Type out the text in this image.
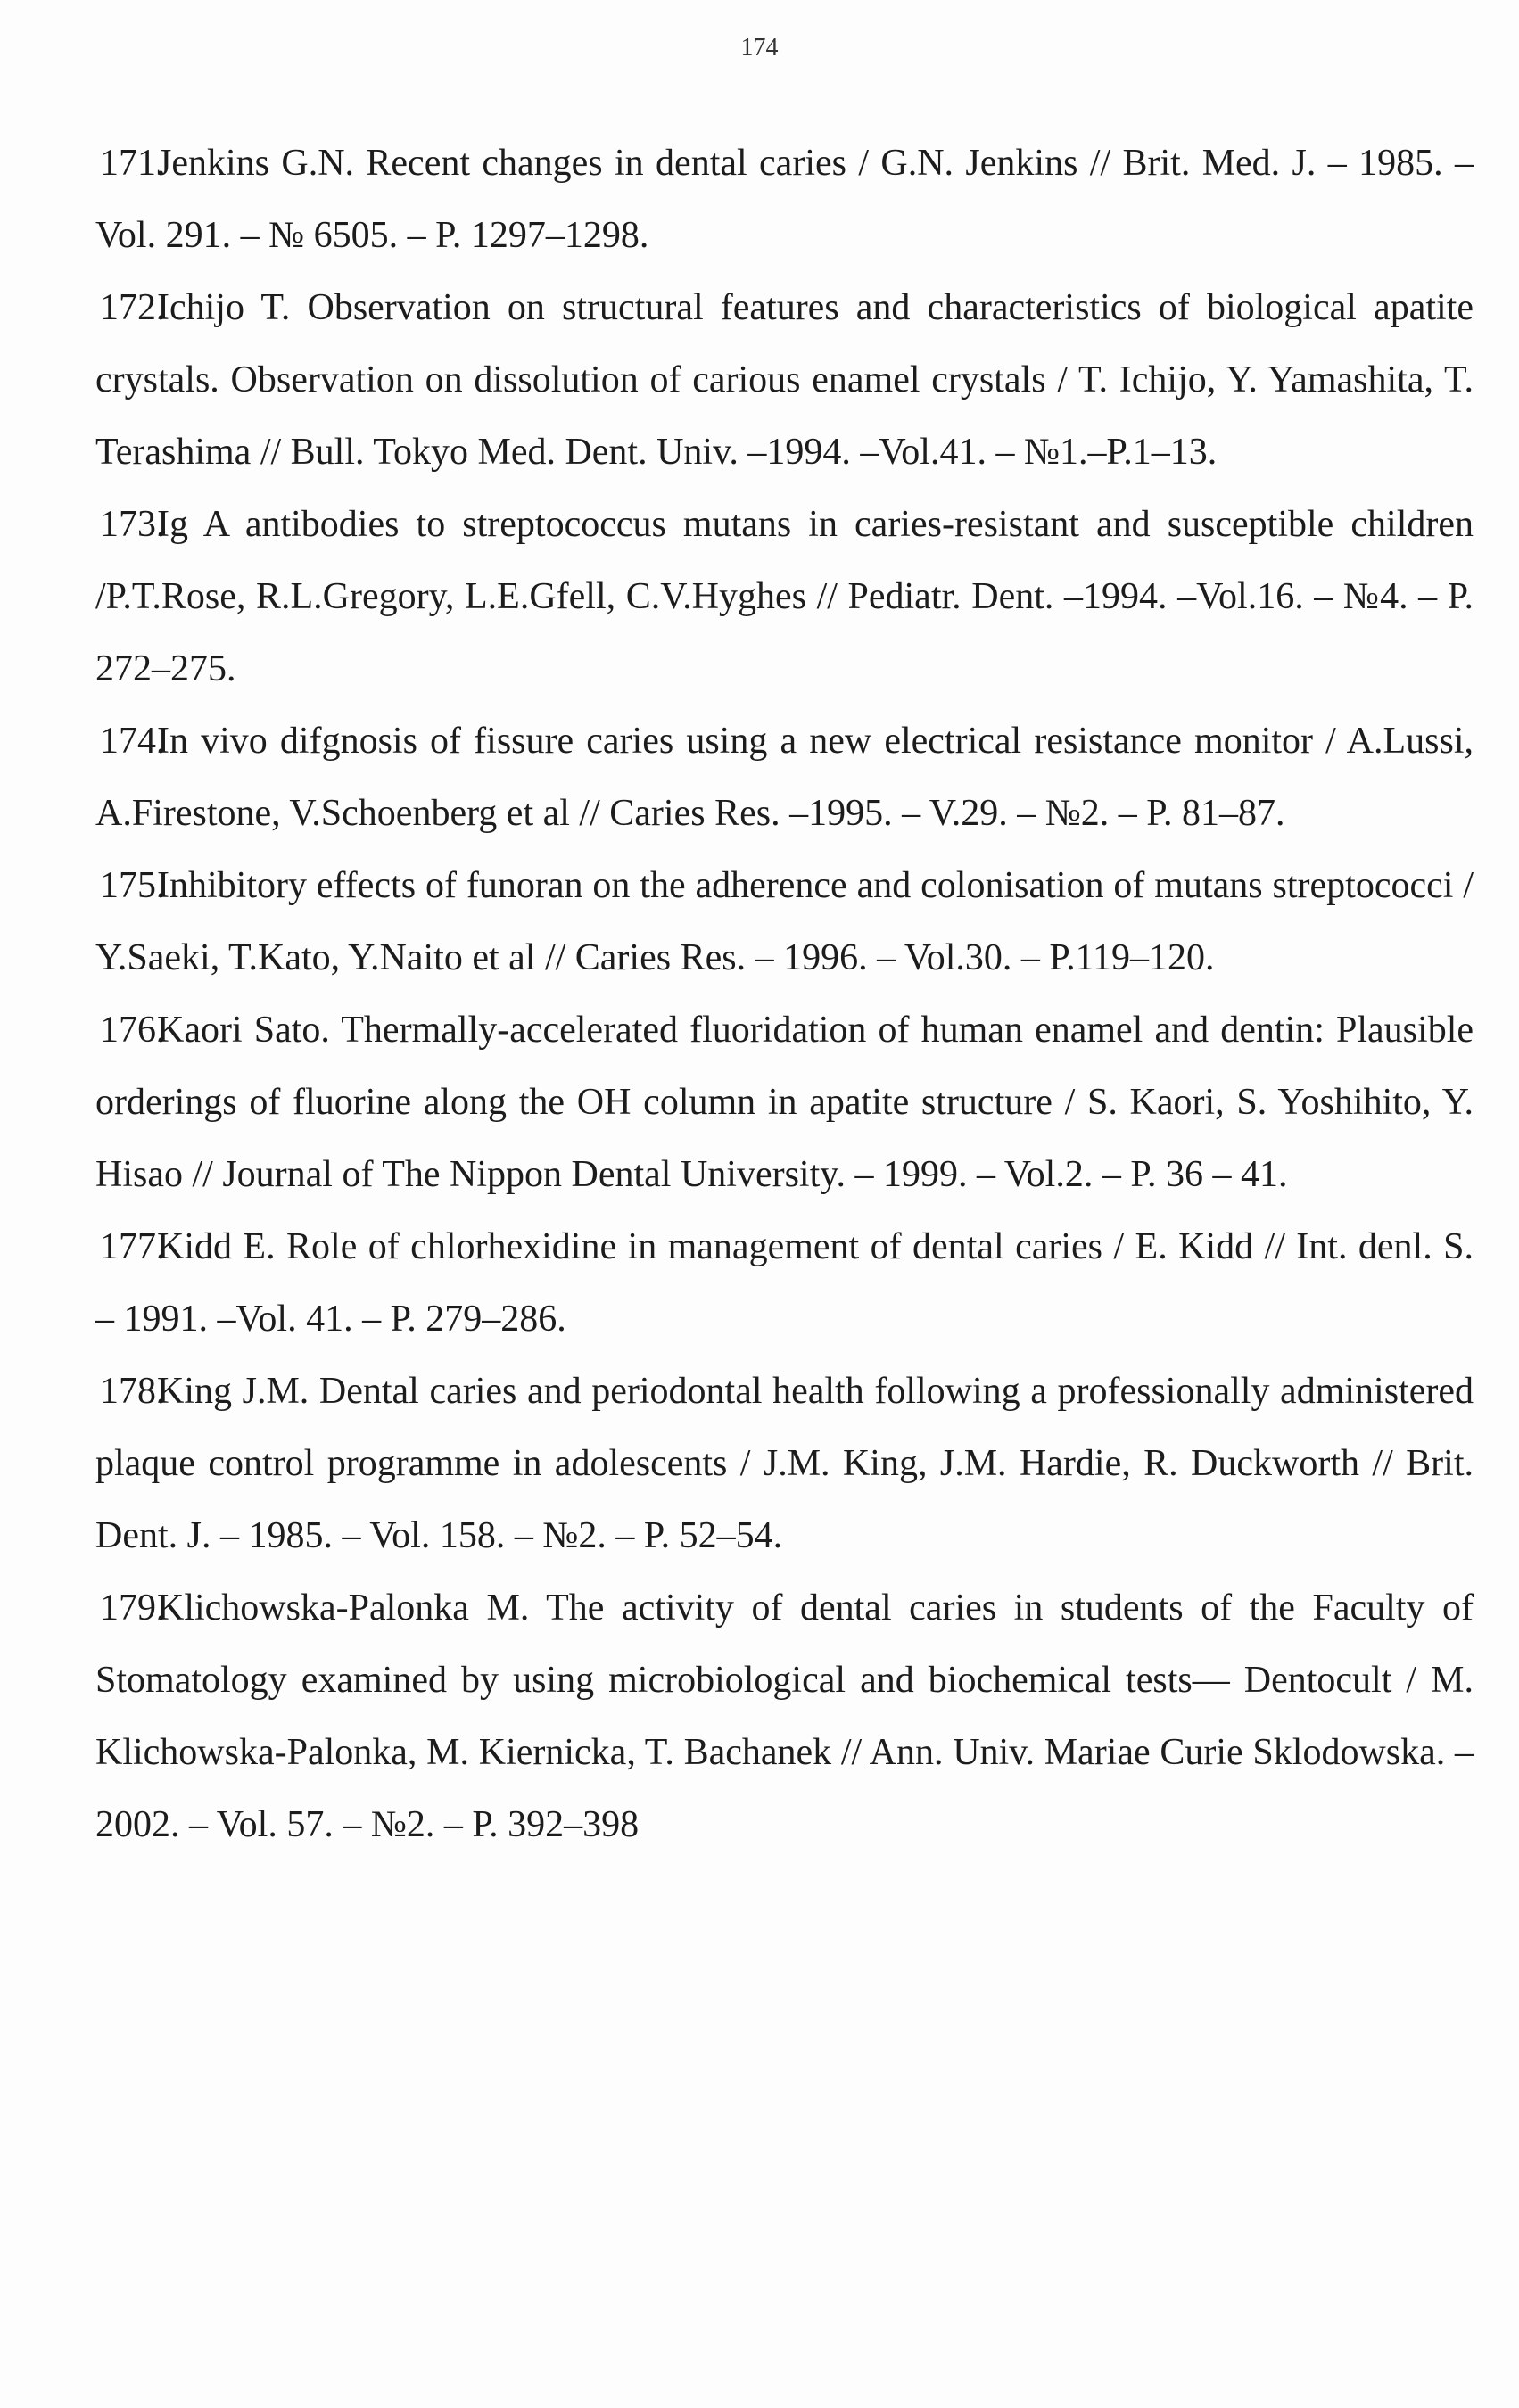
174
171.Jenkins G.N. Recent changes in dental caries / G.N. Jenkins // Brit. Med. J. – 1985. – Vol. 291. – № 6505. – P. 1297–1298.
172.Ichijo T. Observation on structural features and characteristics of biological apatite crystals. Observation on dissolution of carious enamel crystals / T. Ichijo, Y. Yamashita, T. Terashima // Bull. Tokyo Med. Dent. Univ. –1994. –Vol.41. – №1.–P.1–13.
173.Ig A antibodies to streptococcus mutans in caries-resistant and susceptible children /P.T.Rose, R.L.Gregory, L.E.Gfell, C.V.Hyghes // Pediatr. Dent. –1994. –Vol.16. – №4. – P. 272–275.
174.In vivo difgnosis of fissure caries using a new electrical resistance monitor / A.Lussi, A.Firestone, V.Schoenberg et al // Caries Res. –1995. – V.29. – №2. – P. 81–87.
175.Inhibitory effects of funoran on the adherence and colonisation of mutans streptococci / Y.Saeki, T.Kato, Y.Naito et al // Caries Res. – 1996. – Vol.30. – P.119–120.
176.Kaori Sato. Thermally-accelerated fluoridation of human enamel and dentin: Plausible orderings of fluorine along the OH column in apatite structure / S. Kaori, S. Yoshihito, Y. Hisao // Journal of The Nippon Dental University. – 1999. – Vol.2. – P. 36 – 41.
177.Kidd E. Role of chlorhexidine in management of dental caries / E. Kidd // Int. denl. S. – 1991. –Vol. 41. – P. 279–286.
178.King J.M. Dental caries and periodontal health following a professionally administered plaque control programme in adolescents / J.M. King, J.M. Hardie, R. Duckworth // Brit. Dent. J. – 1985. – Vol. 158. – №2. – P. 52–54.
179.Klichowska-Palonka M. The activity of dental caries in students of the Faculty of Stomatology examined by using microbiological and biochemical tests— Dentocult / M. Klichowska-Palonka, M. Kiernicka, T. Bachanek // Ann. Univ. Mariae Curie Sklodowska. –2002. – Vol. 57. – №2. – P. 392–398
